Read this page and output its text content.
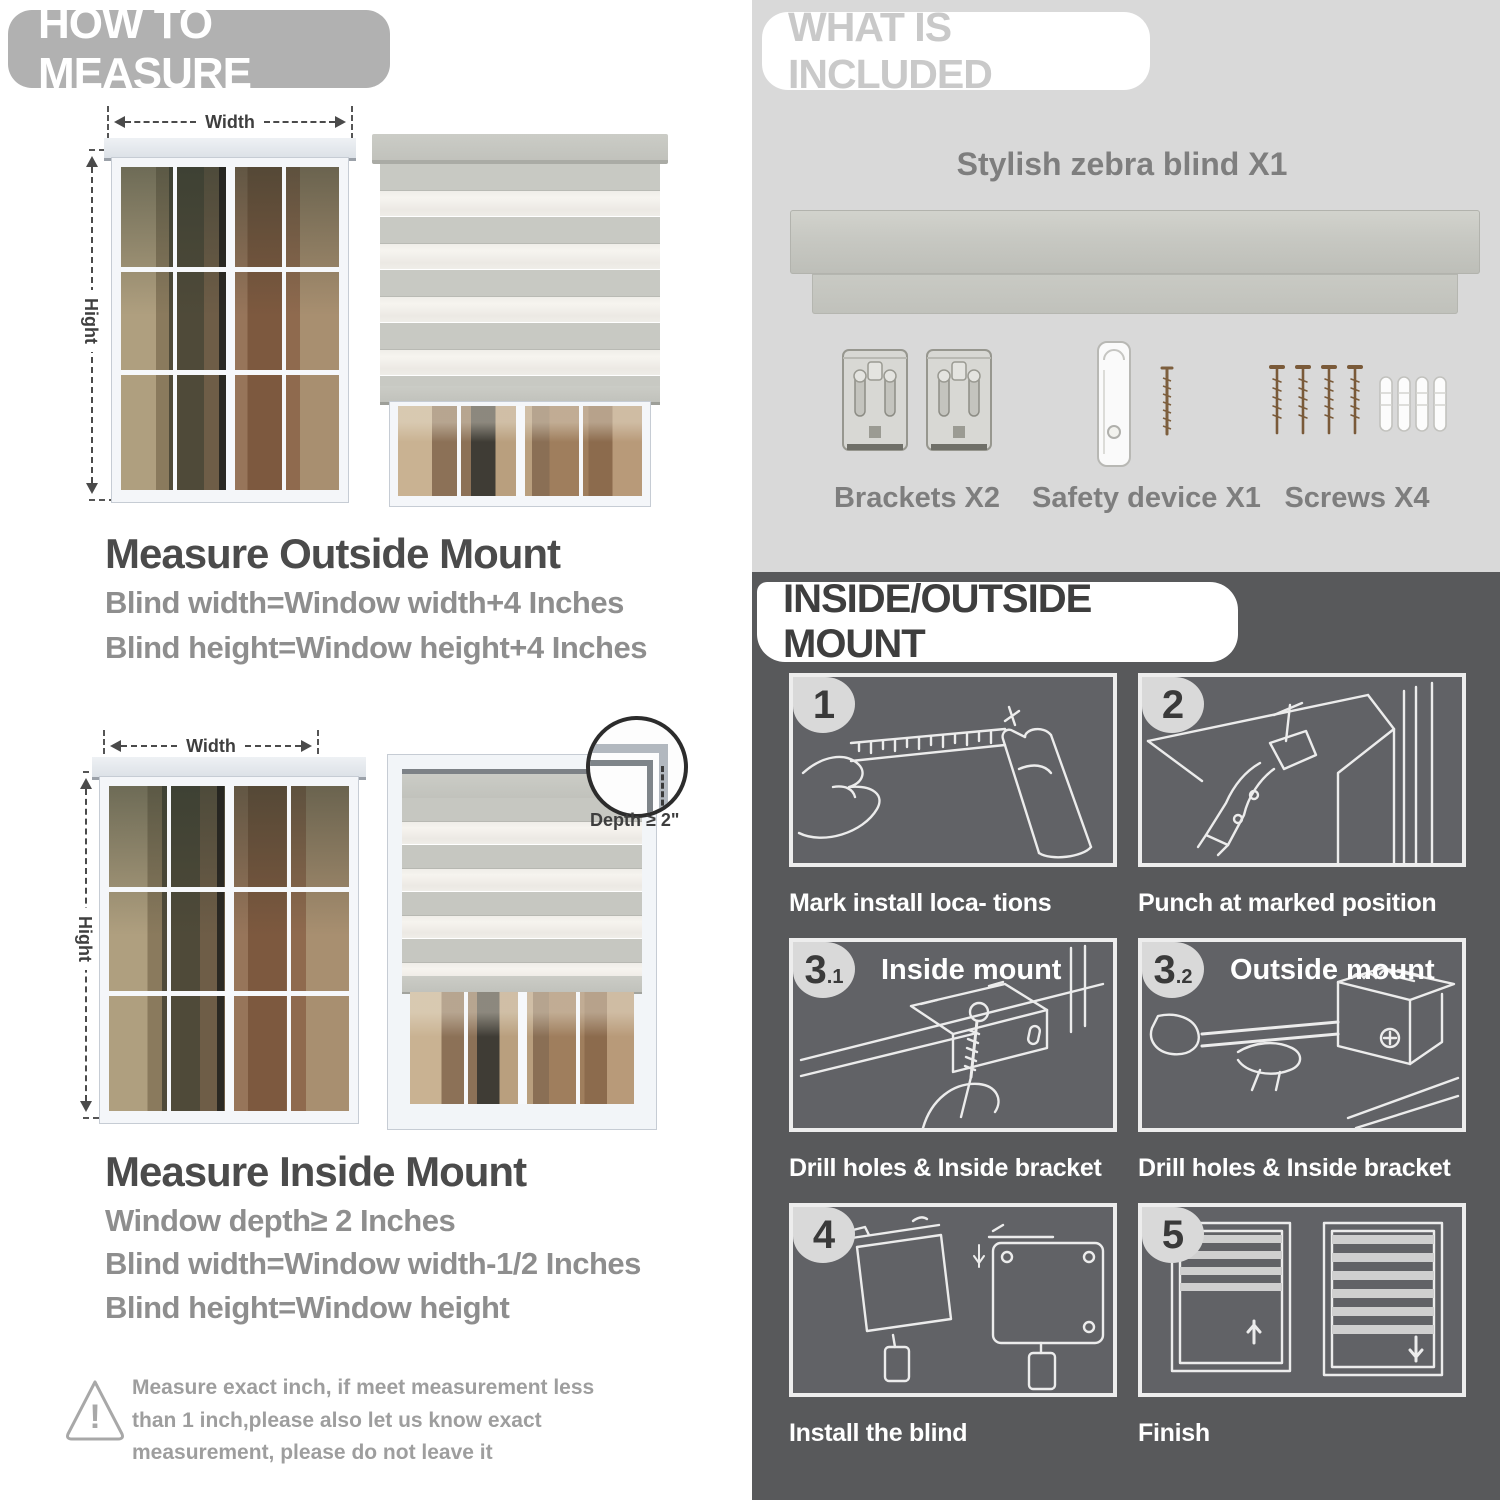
HOW TO MEASURE
Width
Hight
Measure Outside Mount
Blind width=Window width+4 Inches
Blind height=Window height+4 Inches
Width
Hight
Depth ≥ 2"
Measure Inside Mount
Window depth≥ 2 Inches
Blind width=Window width-1/2 Inches
Blind height=Window height
!
Measure exact inch, if meet measurement less than 1 inch,please also let us know exact measurement, please do not leave it
WHAT IS INCLUDED
Stylish zebra blind X1
Brackets X2	Safety device X1 Screws X4
INSIDE/OUTSIDE MOUNT
1
Mark install loca- tions
2
Punch at marked position
3 .1 Inside mount
Drill holes & Inside bracket
3 .2 Outside mount
Drill holes & Inside bracket
4
Install the blind
5
Finish
